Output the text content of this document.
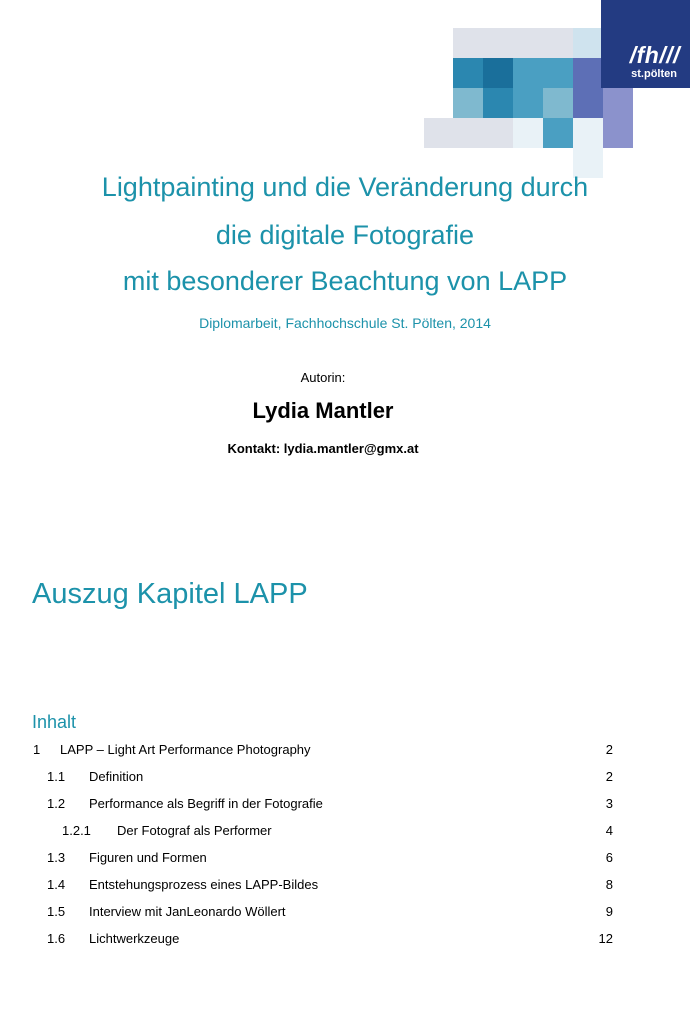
/fh///
st.pölten
Lightpainting und die Veränderung durch
die digitale Fotografie
mit besonderer Beachtung von LAPP
Diplomarbeit, Fachhochschule St. Pölten, 2014
Autorin:
Lydia Mantler
Kontakt: lydia.mantler@gmx.at
Auszug Kapitel LAPP
Inhalt
1 LAPP – Light Art Performance Photography	2
1.1 Definition	2
1.2 Performance als Begriff in der Fotografie	3
1.2.1 Der Fotograf als Performer	4
1.3 Figuren und Formen	6
1.4 Entstehungsprozess eines LAPP-Bildes	8
1.5 Interview mit JanLeonardo Wöllert	9
1.6 Lichtwerkzeuge	12
